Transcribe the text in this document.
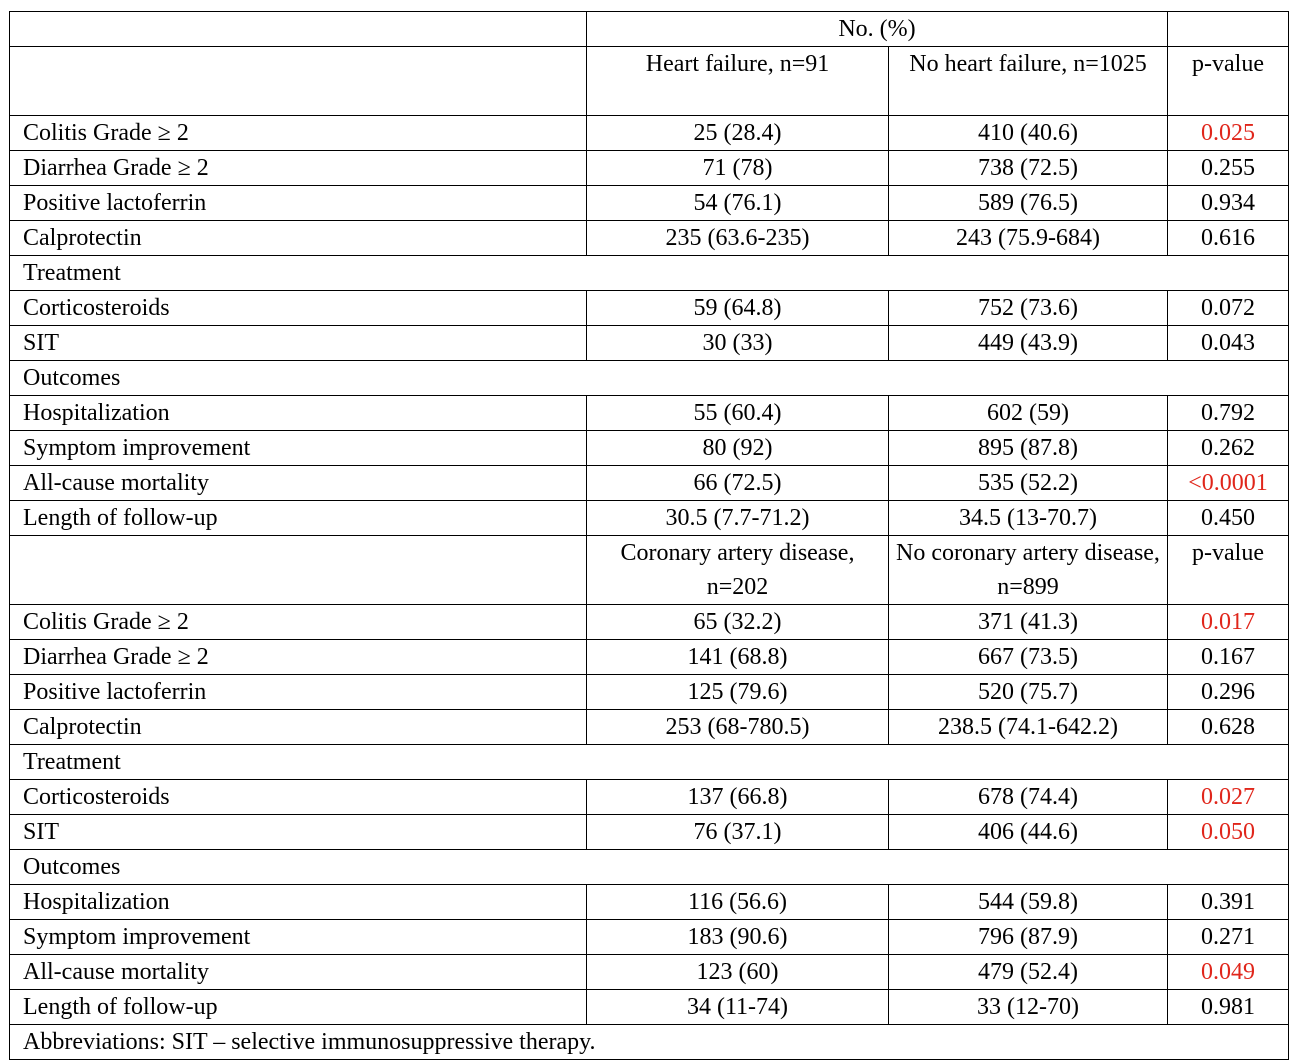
	No. (%)		
	Heart failure, n=91	No heart failure, n=1025	p-value
Colitis Grade ≥ 2	25 (28.4)	410 (40.6)	0.025
Diarrhea Grade ≥ 2	71 (78)	738 (72.5)	0.255
Positive lactoferrin	54 (76.1)	589 (76.5)	0.934
Calprotectin	235 (63.6-235)	243 (75.9-684)	0.616
Treatment			
Corticosteroids	59 (64.8)	752 (73.6)	0.072
SIT	30 (33)	449 (43.9)	0.043
Outcomes			
Hospitalization	55 (60.4)	602 (59)	0.792
Symptom improvement	80 (92)	895 (87.8)	0.262
All-cause mortality	66 (72.5)	535 (52.2)	<0.0001
Length of follow-up	30.5 (7.7-71.2)	34.5 (13-70.7)	0.450
	Coronary artery disease, n=202	No coronary artery disease, n=899	p-value
Colitis Grade ≥ 2	65 (32.2)	371 (41.3)	0.017
Diarrhea Grade ≥ 2	141 (68.8)	667 (73.5)	0.167
Positive lactoferrin	125 (79.6)	520 (75.7)	0.296
Calprotectin	253 (68-780.5)	238.5 (74.1-642.2)	0.628
Treatment			
Corticosteroids	137 (66.8)	678 (74.4)	0.027
SIT	76 (37.1)	406 (44.6)	0.050
Outcomes			
Hospitalization	116 (56.6)	544 (59.8)	0.391
Symptom improvement	183 (90.6)	796 (87.9)	0.271
All-cause mortality	123 (60)	479 (52.4)	0.049
Length of follow-up	34 (11-74)	33 (12-70)	0.981
Abbreviations: SIT – selective immunosuppressive therapy.			
